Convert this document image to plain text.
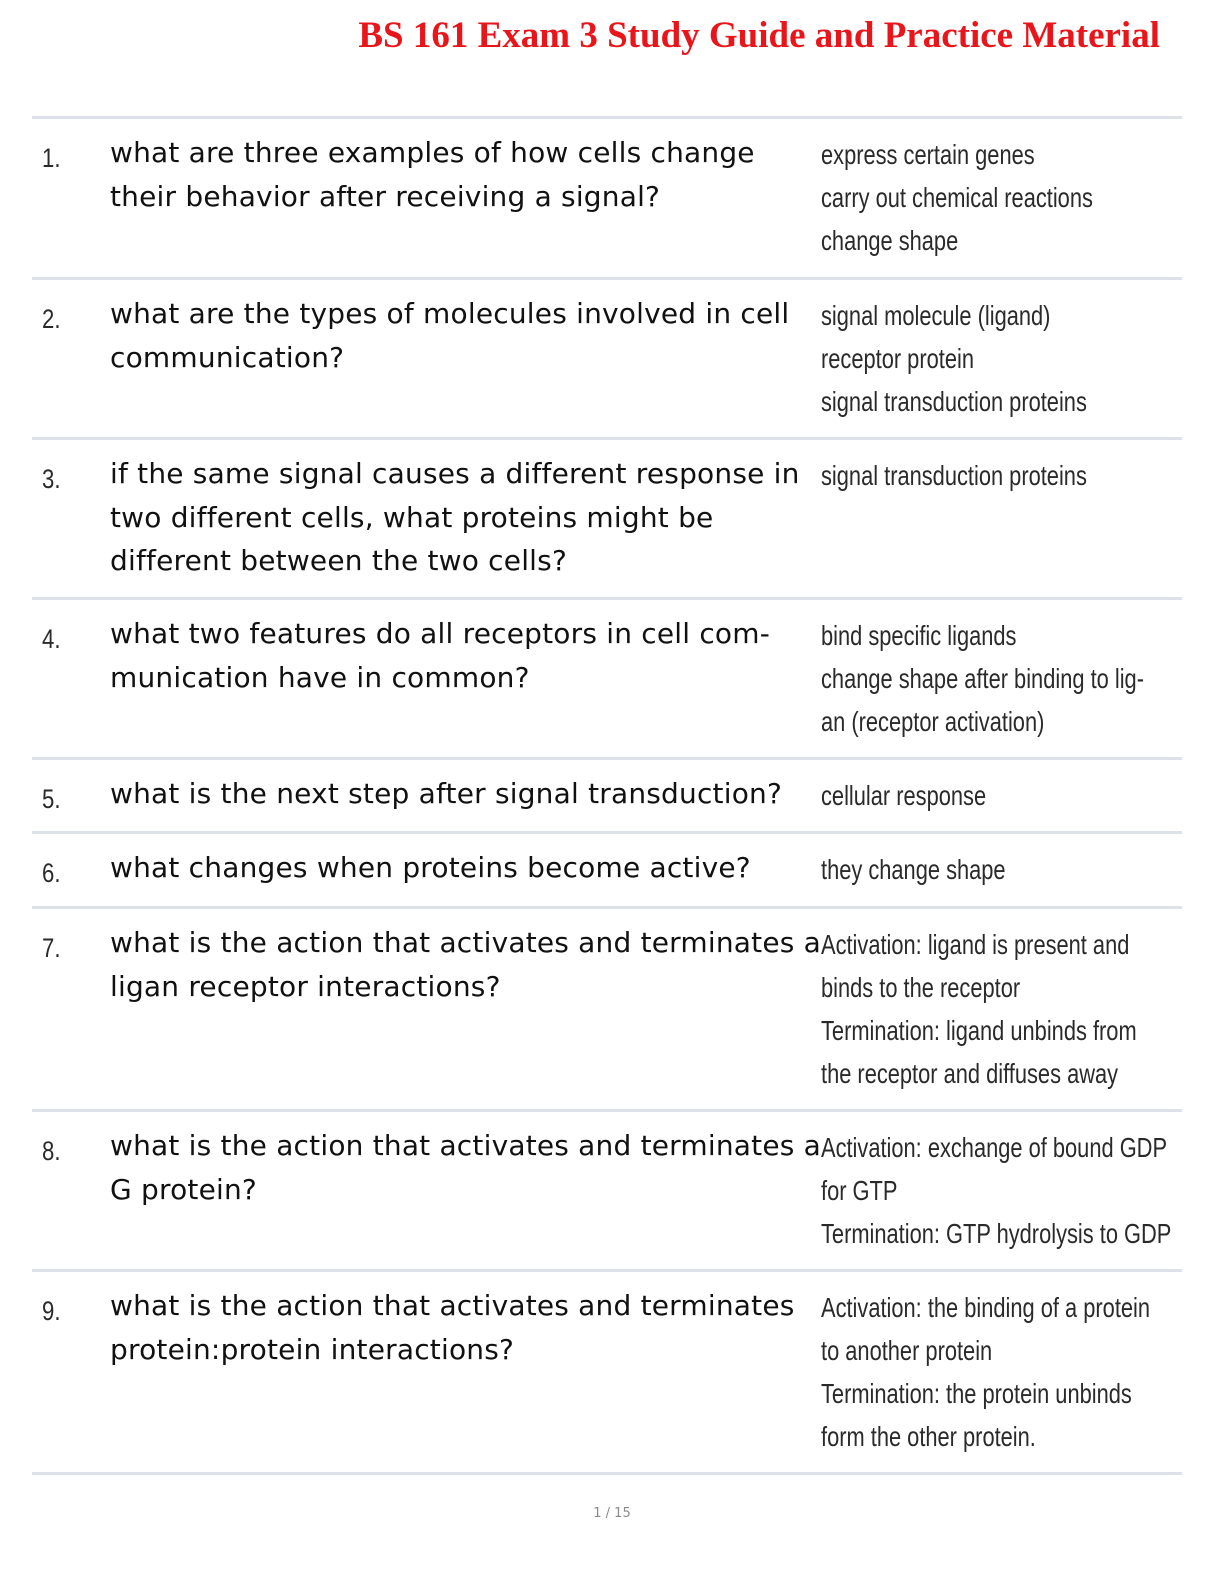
BS 161 Exam 3 Study Guide and Practice Material
1. what are three examples of how cells change their behavior after receiving a signal?
express certain genes
carry out chemical reactions
change shape
2. what are the types of molecules involved in cell communication?
signal molecule (ligand)
receptor protein
signal transduction proteins
3. if the same signal causes a different response in two different cells, what proteins might be different between the two cells?
signal transduction proteins
4. what two features do all receptors in cell com-munication have in common?
bind specific ligands
change shape after binding to lig-
an (receptor activation)
5. what is the next step after signal transduction?	cellular response
6. what changes when proteins become active?	they change shape
7. what is the action that activates and terminates a ligan receptor interactions?
Activation: ligand is present and
binds to the receptor
Termination: ligand unbinds from
the receptor and diffuses away
8. what is the action that activates and terminates a G protein?
Activation: exchange of bound GDP
for GTP
Termination: GTP hydrolysis to GDP
9. what is the action that activates and terminates protein:protein interactions?
Activation: the binding of a protein
to another protein
Termination: the protein unbinds
form the other protein.
1 / 15
